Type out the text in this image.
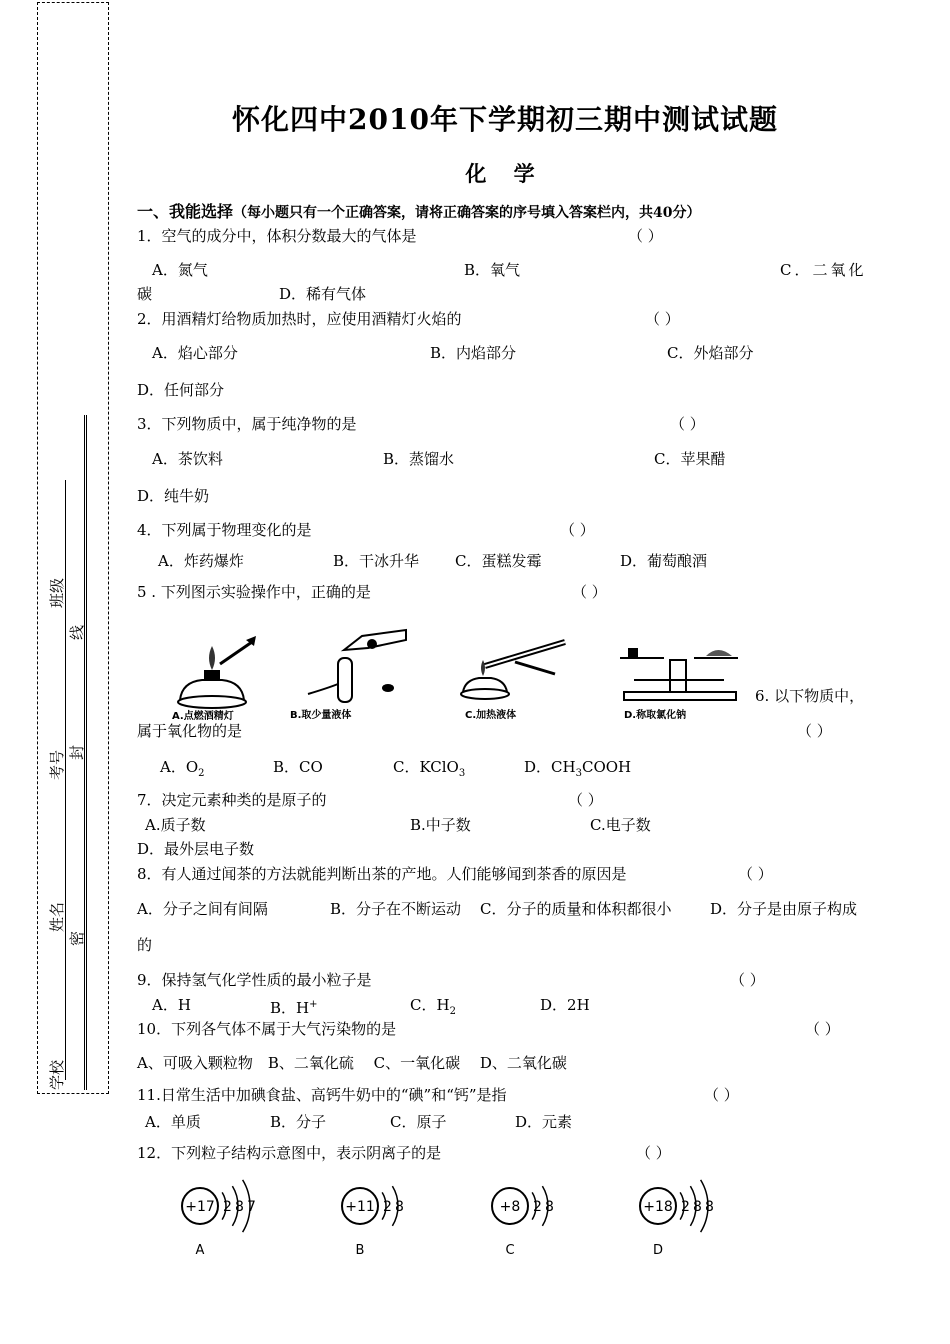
班级
线
考号 封
姓名
密
学校
怀化四中2010年下学期初三期中测试试题
化 学
一、我能选择（每小题只有一个正确答案，请将正确答案的序号填入答案栏内，共40分）
1．空气的成分中，体积分数最大的气体是	（ ）
A．氮气	B．氧气	C．二氧化
碳	D．稀有气体
2．用酒精灯给物质加热时，应使用酒精灯火焰的	（ ）
A．焰心部分	B．内焰部分	C．外焰部分
D．任何部分
3．下列物质中，属于纯净物的是	（ ）
A．茶饮料	B．蒸馏水	C．苹果醋
D．纯牛奶
4．下列属于物理变化的是	（ ）
A．炸药爆炸	B．干冰升华 C．蛋糕发霉	D．葡萄酿酒
5 . 下列图示实验操作中，正确的是	（ ）
A.点燃酒精灯	B.取少量液体	C.加热液体	D.称取氯化钠
6. 以下物质中，
属于氧化物的是	（ ）
A．$O_2$	B．CO	C．KClO$_3$	D．$CH_3COOH$
7．决定元素种类的是原子的	（ ）
A.质子数	B.中子数	C.电子数
D．最外层电子数
8．有人通过闻茶的方法就能判断出茶的产地。人们能够闻到茶香的原因是	（ ）
A．分子之间有间隔	B．分子在不断运动 C．分子的质量和体积都很小	D．分子是由原子构成
的
9．保持氢气化学性质的最小粒子是	（ ）
A．H	B．H+	C．$H_2$	D．2H
10．下列各气体不属于大气污染物的是	（ ）
A、可吸入颗粒物　B、二氧化硫　 C、一氧化碳　 D、二氧化碳
11.日常生活中加碘食盐、高钙牛奶中的“碘”和“钙”是指	（ ）
A．单质	B．分子	C．原子	D．元素
12．下列粒子结构示意图中，表示阴离子的是	（ ）
+17 2 8 7
A
+11 2 8
B
+8 2 8
C
+18 2 8 8
D
